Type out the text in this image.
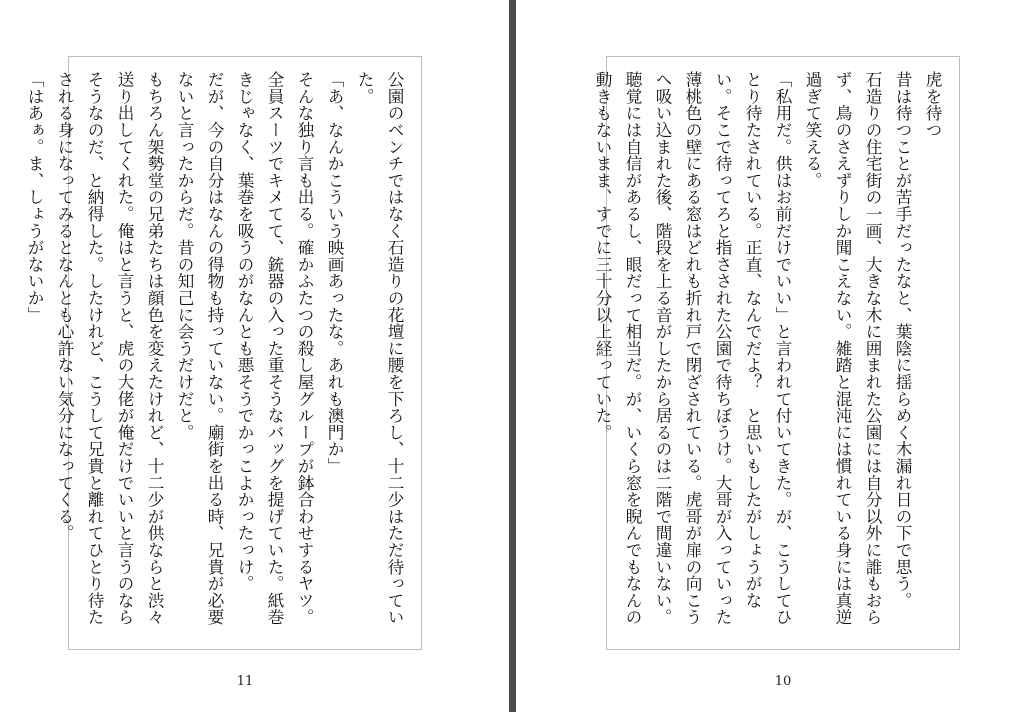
公園のベンチではなく石造りの花壇に腰を下ろし、十二少はただ待っていた。

「あ、なんかこういう映画あったな。あれも澳門か」

そんな独り言も出る。確かふたつの殺し屋グループが鉢合わせするヤツ。全員スーツでキメてて、銃器の入った重そうなバッグを提げていた。紙巻きじゃなく、葉巻を吸うのがなんとも悪そうでかっこよかったっけ。

だが、今の自分はなんの得物も持っていない。廟街を出る時、兄貴が必要ないと言ったからだ。昔の知己に会うだけだと。

もちろん架勢堂の兄弟たちは顔色を変えたけれど、十二少が供ならと渋々送り出してくれた。俺はと言うと、虎の大佬が俺だけでいいと言うのならそうなのだ、と納得した。したけれど、こうして兄貴と離れてひとり待たされる身になってみるとなんとも心許ない気分になってくる。

「はあぁ。ま、しょうがないか」

11
虎を待つ

昔は待つことが苦手だったなと、葉陰に揺らめく木漏れ日の下で思う。

石造りの住宅街の一画、大きな木に囲まれた公園には自分以外に誰もおらず、鳥のさえずりしか聞こえない。雑踏と混沌には慣れている身には真逆過ぎて笑える。

「私用だ。供はお前だけでいい」と言われて付いてきた。が、こうしてひとり待たされている。正直、なんでだよ？　と思いもしたがしょうがない。そこで待ってろと指さされた公園で待ちぼうけ。大哥が入っていった薄桃色の壁にある窓はどれも折れ戸で閉ざされている。虎哥が扉の向こうへ吸い込まれた後、階段を上る音がしたから居るのは二階で間違いない。聴覚には自信があるし、眼だって相当だ。が、いくら窓を睨んでもなんの動きもないまま、すでに三十分以上経っていた。

10
